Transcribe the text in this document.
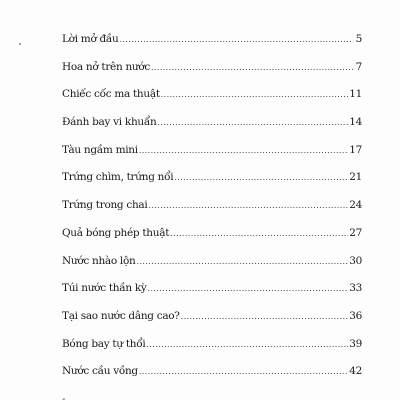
Lời mở đầu .....	5
Hoa nở trên nước .....	7
Chiếc cốc ma thuật .....	11
Đánh bay vi khuẩn .....	14
Tàu ngầm mini .....	17
Trứng chìm, trứng nổi .....	21
Trứng trong chai .....	24
Quả bóng phép thuật .....	27
Nước nhào lộn .....	30
Túi nước thần kỳ .....	33
Tại sao nước dâng cao? .....	36
Bóng bay tự thổi .....	39
Nước cầu vồng .....	42
-
